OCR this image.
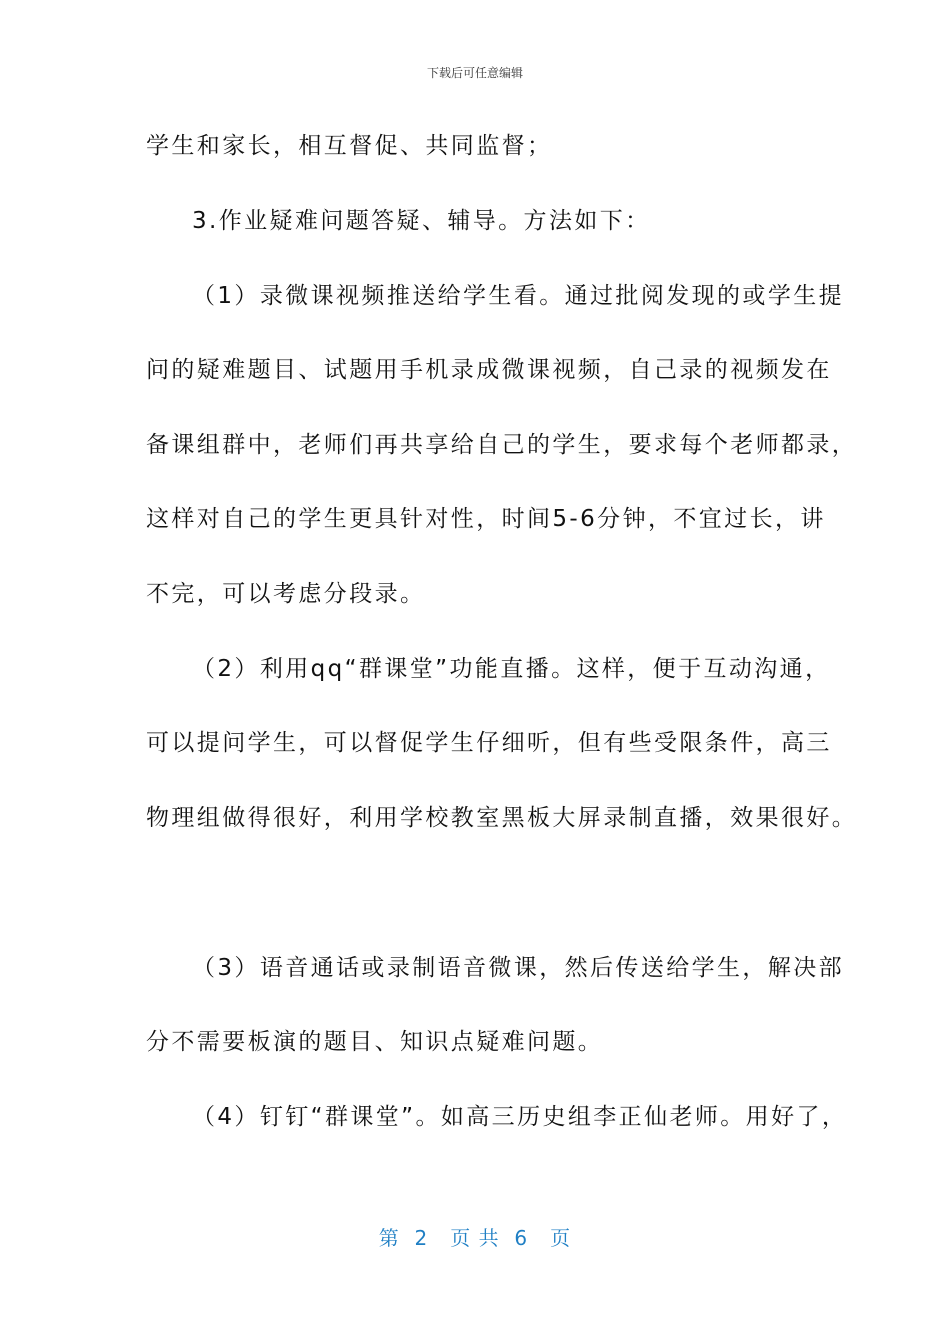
下载后可任意编辑
学生和家长，相互督促、共同监督；
3.作业疑难问题答疑、辅导。方法如下：
（1）录微课视频推送给学生看。通过批阅发现的或学生提
问的疑难题目、试题用手机录成微课视频，自己录的视频发在
备课组群中，老师们再共享给自己的学生，要求每个老师都录，
这样对自己的学生更具针对性，时间5-6分钟，不宜过长，讲
不完，可以考虑分段录。
（2）利用qq“群课堂”功能直播。这样，便于互动沟通，
可以提问学生，可以督促学生仔细听，但有些受限条件，高三
物理组做得很好，利用学校教室黑板大屏录制直播，效果很好。
（3）语音通话或录制语音微课，然后传送给学生，解决部
分不需要板演的题目、知识点疑难问题。
（4）钉钉“群课堂”。如高三历史组李正仙老师。用好了，
第  2   页 共  6   页
